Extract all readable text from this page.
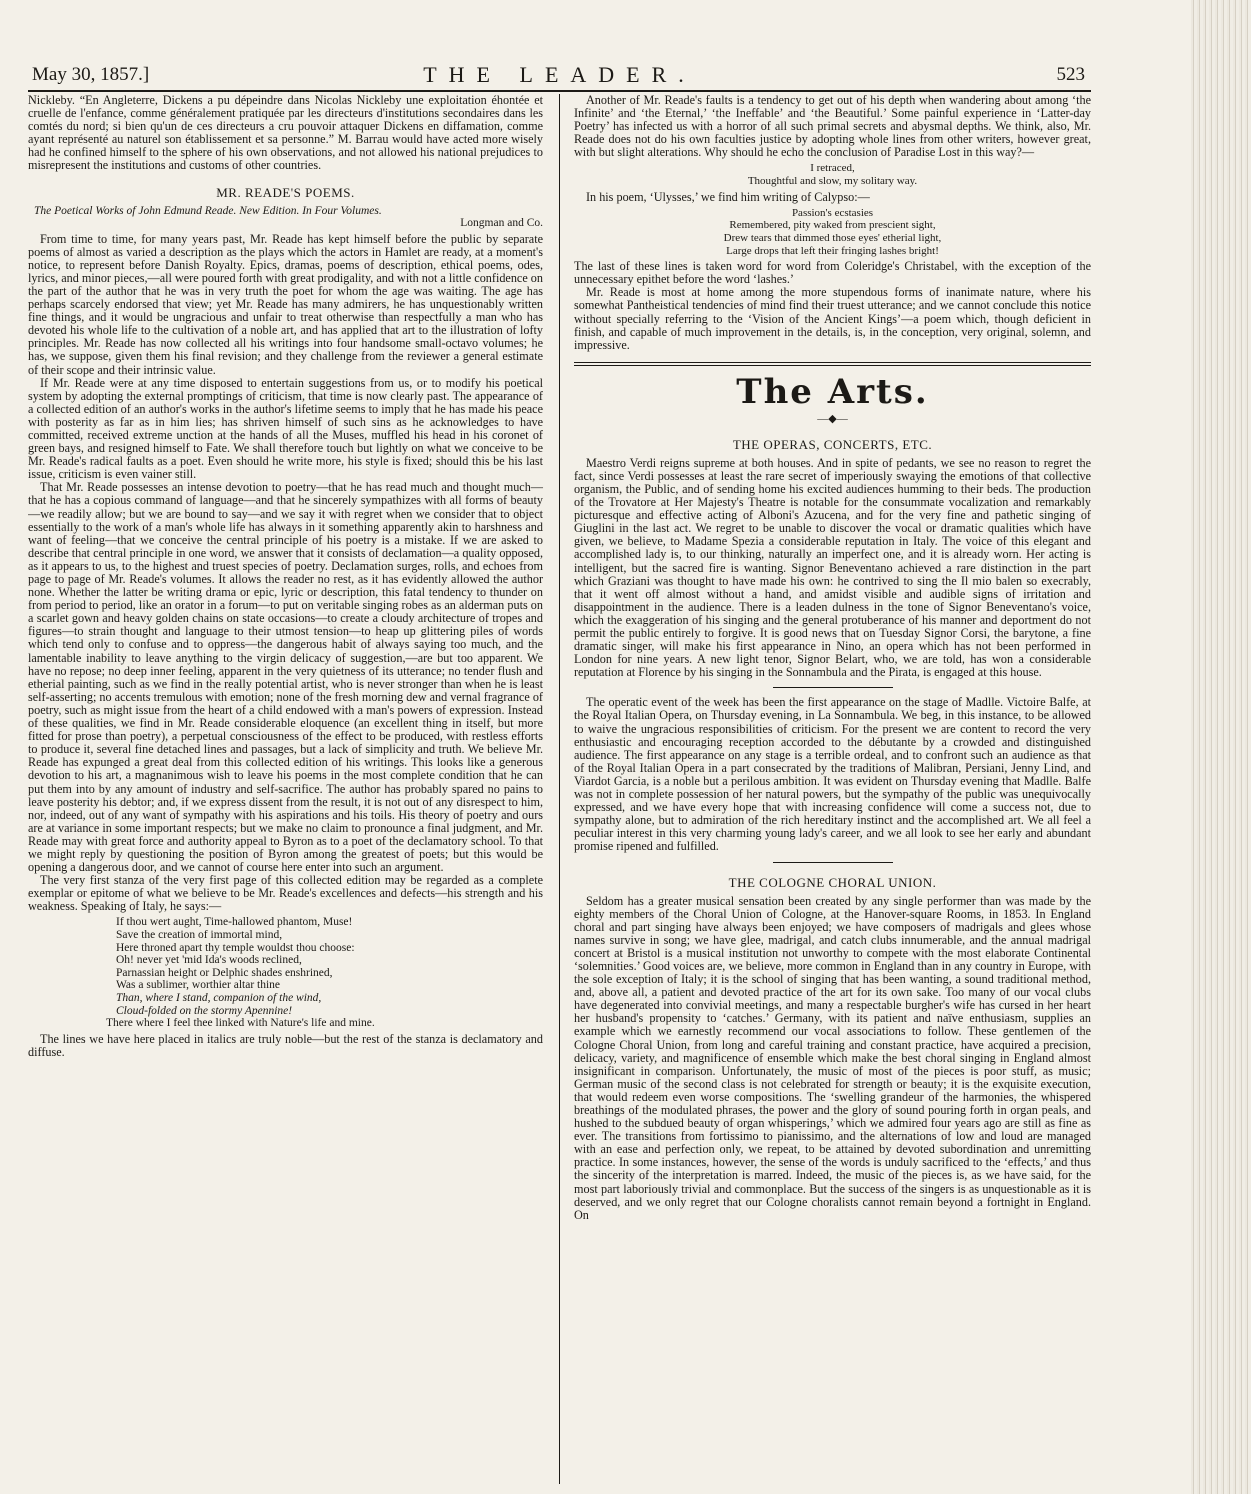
May 30, 1857.]	THE LEADER.	523

Nickleby. “En Angleterre, Dickens a pu dépeindre dans Nicolas Nickleby une exploitation éhontée et cruelle de l'enfance, comme généralement pratiquée par les directeurs d'institutions secondaires dans les comtés du nord; si bien qu'un de ces directeurs a cru pouvoir attaquer Dickens en diffamation, comme ayant représenté au naturel son établissement et sa personne.” M. Barrau would have acted more wisely had he confined himself to the sphere of his own observations, and not allowed his national prejudices to misrepresent the institutions and customs of other countries.

MR. READE'S POEMS.
The Poetical Works of John Edmund Reade. New Edition. In Four Volumes.
Longman and Co.

From time to time, for many years past, Mr. Reade has kept himself before the public by separate poems of almost as varied a description as the plays which the actors in Hamlet are ready, at a moment's notice, to represent before Danish Royalty. Epics, dramas, poems of description, ethical poems, odes, lyrics, and minor pieces,—all were poured forth with great prodigality, and with not a little confidence on the part of the author that he was in very truth the poet for whom the age was waiting. The age has perhaps scarcely endorsed that view; yet Mr. Reade has many admirers, he has unquestionably written fine things, and it would be ungracious and unfair to treat otherwise than respectfully a man who has devoted his whole life to the cultivation of a noble art, and has applied that art to the illustration of lofty principles. Mr. Reade has now collected all his writings into four handsome small-octavo volumes; he has, we suppose, given them his final revision; and they challenge from the reviewer a general estimate of their scope and their intrinsic value.

If Mr. Reade were at any time disposed to entertain suggestions from us, or to modify his poetical system by adopting the external promptings of criticism, that time is now clearly past. The appearance of a collected edition of an author's works in the author's lifetime seems to imply that he has made his peace with posterity as far as in him lies; has shriven himself of such sins as he acknowledges to have committed, received extreme unction at the hands of all the Muses, muffled his head in his coronet of green bays, and resigned himself to Fate. We shall therefore touch but lightly on what we conceive to be Mr. Reade's radical faults as a poet. Even should he write more, his style is fixed; should this be his last issue, criticism is even vainer still.

That Mr. Reade possesses an intense devotion to poetry—that he has read much and thought much—that he has a copious command of language—and that he sincerely sympathizes with all forms of beauty—we readily allow; but we are bound to say—and we say it with regret when we consider that to object essentially to the work of a man's whole life has always in it something apparently akin to harshness and want of feeling—that we conceive the central principle of his poetry is a mistake. If we are asked to describe that central principle in one word, we answer that it consists of declamation—a quality opposed, as it appears to us, to the highest and truest species of poetry. Declamation surges, rolls, and echoes from page to page of Mr. Reade's volumes. It allows the reader no rest, as it has evidently allowed the author none. Whether the latter be writing drama or epic, lyric or description, this fatal tendency to thunder on from period to period, like an orator in a forum—to put on veritable singing robes as an alderman puts on a scarlet gown and heavy golden chains on state occasions—to create a cloudy architecture of tropes and figures—to strain thought and language to their utmost tension—to heap up glittering piles of words which tend only to confuse and to oppress—the dangerous habit of always saying too much, and the lamentable inability to leave anything to the virgin delicacy of suggestion,—are but too apparent. We have no repose; no deep inner feeling, apparent in the very quietness of its utterance; no tender flush and etherial painting, such as we find in the really potential artist, who is never stronger than when he is least self-asserting; no accents tremulous with emotion; none of the fresh morning dew and vernal fragrance of poetry, such as might issue from the heart of a child endowed with a man's powers of expression. Instead of these qualities, we find in Mr. Reade considerable eloquence (an excellent thing in itself, but more fitted for prose than poetry), a perpetual consciousness of the effect to be produced, with restless efforts to produce it, several fine detached lines and passages, but a lack of simplicity and truth. We believe Mr. Reade has expunged a great deal from this collected edition of his writings. This looks like a generous devotion to his art, a magnanimous wish to leave his poems in the most complete condition that he can put them into by any amount of industry and self-sacrifice. The author has probably spared no pains to leave posterity his debtor; and, if we express dissent from the result, it is not out of any disrespect to him, nor, indeed, out of any want of sympathy with his aspirations and his toils. His theory of poetry and ours are at variance in some important respects; but we make no claim to pronounce a final judgment, and Mr. Reade may with great force and authority appeal to Byron as to a poet of the declamatory school. To that we might reply by questioning the position of Byron among the greatest of poets; but this would be opening a dangerous door, and we cannot of course here enter into such an argument.

The very first stanza of the very first page of this collected edition may be regarded as a complete exemplar or epitome of what we believe to be Mr. Reade's excellences and defects—his strength and his weakness. Speaking of Italy, he says:—

If thou wert aught, Time-hallowed phantom, Muse!
Save the creation of immortal mind,
Here throned apart thy temple wouldst thou choose:
Oh! never yet 'mid Ida's woods reclined,
Parnassian height or Delphic shades enshrined,
Was a sublimer, worthier altar thine
Than, where I stand, companion of the wind,
Cloud-folded on the stormy Apennine!
There where I feel thee linked with Nature's life and mine.

The lines we have here placed in italics are truly noble—but the rest of the stanza is declamatory and diffuse.

Another of Mr. Reade's faults is a tendency to get out of his depth when wandering about among ‘the Infinite’ and ‘the Eternal,’ ‘the Ineffable’ and ‘the Beautiful.’ Some painful experience in ‘Latter-day Poetry’ has infected us with a horror of all such primal secrets and abysmal depths. We think, also, Mr. Reade does not do his own faculties justice by adopting whole lines from other writers, however great, with but slight alterations. Why should he echo the conclusion of Paradise Lost in this way?—

I retraced,
Thoughtful and slow, my solitary way.

In his poem, ‘Ulysses,’ we find him writing of Calypso:—

Passion's ecstasies
Remembered, pity waked from prescient sight,
Drew tears that dimmed those eyes' etherial light,
Large drops that left their fringing lashes bright!

The last of these lines is taken word for word from Coleridge's Christabel, with the exception of the unnecessary epithet before the word ‘lashes.’

Mr. Reade is most at home among the more stupendous forms of inanimate nature, where his somewhat Pantheistical tendencies of mind find their truest utterance; and we cannot conclude this notice without specially referring to the ‘Vision of the Ancient Kings’—a poem which, though deficient in finish, and capable of much improvement in the details, is, in the conception, very original, solemn, and impressive.

The Arts.
—◆—
THE OPERAS, CONCERTS, ETC.

Maestro Verdi reigns supreme at both houses. And in spite of pedants, we see no reason to regret the fact, since Verdi possesses at least the rare secret of imperiously swaying the emotions of that collective organism, the Public, and of sending home his excited audiences humming to their beds. The production of the Trovatore at Her Majesty's Theatre is notable for the consummate vocalization and remarkably picturesque and effective acting of Alboni's Azucena, and for the very fine and pathetic singing of Giuglini in the last act. We regret to be unable to discover the vocal or dramatic qualities which have given, we believe, to Madame Spezia a considerable reputation in Italy. The voice of this elegant and accomplished lady is, to our thinking, naturally an imperfect one, and it is already worn. Her acting is intelligent, but the sacred fire is wanting. Signor Beneventano achieved a rare distinction in the part which Graziani was thought to have made his own: he contrived to sing the Il mio balen so execrably, that it went off almost without a hand, and amidst visible and audible signs of irritation and disappointment in the audience. There is a leaden dulness in the tone of Signor Beneventano's voice, which the exaggeration of his singing and the general protuberance of his manner and deportment do not permit the public entirely to forgive. It is good news that on Tuesday Signor Corsi, the barytone, a fine dramatic singer, will make his first appearance in Nino, an opera which has not been performed in London for nine years. A new light tenor, Signor Belart, who, we are told, has won a considerable reputation at Florence by his singing in the Sonnambula and the Pirata, is engaged at this house.

The operatic event of the week has been the first appearance on the stage of Madlle. Victoire Balfe, at the Royal Italian Opera, on Thursday evening, in La Sonnambula. We beg, in this instance, to be allowed to waive the ungracious responsibilities of criticism. For the present we are content to record the very enthusiastic and encouraging reception accorded to the débutante by a crowded and distinguished audience. The first appearance on any stage is a terrible ordeal, and to confront such an audience as that of the Royal Italian Opera in a part consecrated by the traditions of Malibran, Persiani, Jenny Lind, and Viardot Garcia, is a noble but a perilous ambition. It was evident on Thursday evening that Madlle. Balfe was not in complete possession of her natural powers, but the sympathy of the public was unequivocally expressed, and we have every hope that with increasing confidence will come a success not, due to sympathy alone, but to admiration of the rich hereditary instinct and the accomplished art. We all feel a peculiar interest in this very charming young lady's career, and we all look to see her early and abundant promise ripened and fulfilled.

THE COLOGNE CHORAL UNION.

Seldom has a greater musical sensation been created by any single performer than was made by the eighty members of the Choral Union of Cologne, at the Hanover-square Rooms, in 1853. In England choral and part singing have always been enjoyed; we have composers of madrigals and glees whose names survive in song; we have glee, madrigal, and catch clubs innumerable, and the annual madrigal concert at Bristol is a musical institution not unworthy to compete with the most elaborate Continental ‘solemnities.’ Good voices are, we believe, more common in England than in any country in Europe, with the sole exception of Italy; it is the school of singing that has been wanting, a sound traditional method, and, above all, a patient and devoted practice of the art for its own sake. Too many of our vocal clubs have degenerated into convivial meetings, and many a respectable burgher's wife has cursed in her heart her husband's propensity to ‘catches.’ Germany, with its patient and naïve enthusiasm, supplies an example which we earnestly recommend our vocal associations to follow. These gentlemen of the Cologne Choral Union, from long and careful training and constant practice, have acquired a precision, delicacy, variety, and magnificence of ensemble which make the best choral singing in England almost insignificant in comparison. Unfortunately, the music of most of the pieces is poor stuff, as music; German music of the second class is not celebrated for strength or beauty; it is the exquisite execution, that would redeem even worse compositions. The ‘swelling grandeur of the harmonies, the whispered breathings of the modulated phrases, the power and the glory of sound pouring forth in organ peals, and hushed to the subdued beauty of organ whisperings,’ which we admired four years ago are still as fine as ever. The transitions from fortissimo to pianissimo, and the alternations of low and loud are managed with an ease and perfection only, we repeat, to be attained by devoted subordination and unremitting practice. In some instances, however, the sense of the words is unduly sacrificed to the ‘effects,’ and thus the sincerity of the interpretation is marred. Indeed, the music of the pieces is, as we have said, for the most part laboriously trivial and commonplace. But the success of the singers is as unquestionable as it is deserved, and we only regret that our Cologne choralists cannot remain beyond a fortnight in England. On
